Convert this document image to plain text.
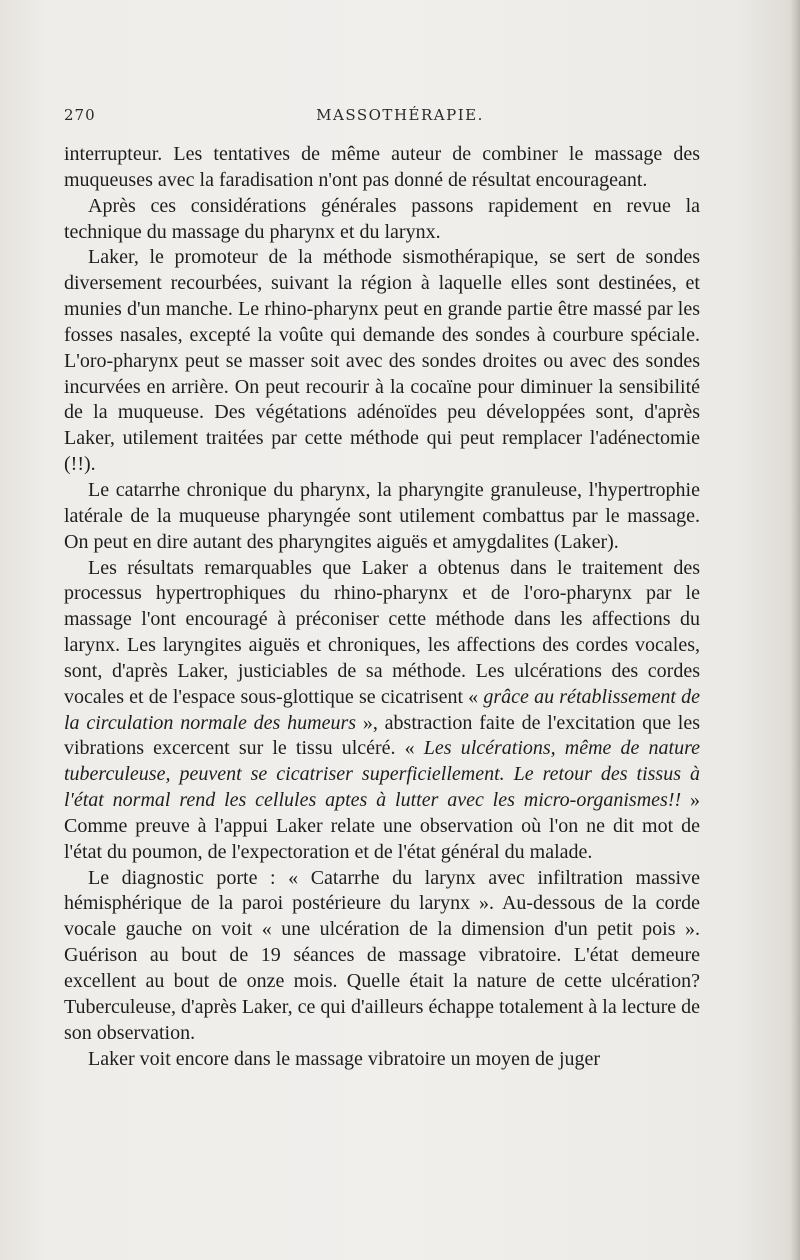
270	MASSOTHÉRAPIE.

interrupteur. Les tentatives de même auteur de combiner le massage des muqueuses avec la faradisation n'ont pas donné de résultat encourageant.

Après ces considérations générales passons rapidement en revue la technique du massage du pharynx et du larynx.

Laker, le promoteur de la méthode sismothérapique, se sert de sondes diversement recourbées, suivant la région à laquelle elles sont destinées, et munies d'un manche. Le rhino-pharynx peut en grande partie être massé par les fosses nasales, excepté la voûte qui demande des sondes à courbure spéciale. L'oro-pharynx peut se masser soit avec des sondes droites ou avec des sondes incurvées en arrière. On peut recourir à la cocaïne pour diminuer la sensibilité de la muqueuse. Des végétations adénoïdes peu développées sont, d'après Laker, utilement traitées par cette méthode qui peut remplacer l'adénectomie (!!).

Le catarrhe chronique du pharynx, la pharyngite granuleuse, l'hypertrophie latérale de la muqueuse pharyngée sont utilement combattus par le massage. On peut en dire autant des pharyngites aiguës et amygdalites (Laker).

Les résultats remarquables que Laker a obtenus dans le traitement des processus hypertrophiques du rhino-pharynx et de l'oro-pharynx par le massage l'ont encouragé à préconiser cette méthode dans les affections du larynx. Les laryngites aiguës et chroniques, les affections des cordes vocales, sont, d'après Laker, justiciables de sa méthode. Les ulcérations des cordes vocales et de l'espace sous-glottique se cicatrisent « grâce au rétablissement de la circulation normale des humeurs », abstraction faite de l'excitation que les vibrations excercent sur le tissu ulcéré. « Les ulcérations, même de nature tuberculeuse, peuvent se cicatriser superficiellement. Le retour des tissus à l'état normal rend les cellules aptes à lutter avec les micro-organismes!! » Comme preuve à l'appui Laker relate une observation où l'on ne dit mot de l'état du poumon, de l'expectoration et de l'état général du malade.

Le diagnostic porte : « Catarrhe du larynx avec infiltration massive hémisphérique de la paroi postérieure du larynx ». Au-dessous de la corde vocale gauche on voit « une ulcération de la dimension d'un petit pois ». Guérison au bout de 19 séances de massage vibratoire. L'état demeure excellent au bout de onze mois. Quelle était la nature de cette ulcération? Tuberculeuse, d'après Laker, ce qui d'ailleurs échappe totalement à la lecture de son observation.

Laker voit encore dans le massage vibratoire un moyen de juger
